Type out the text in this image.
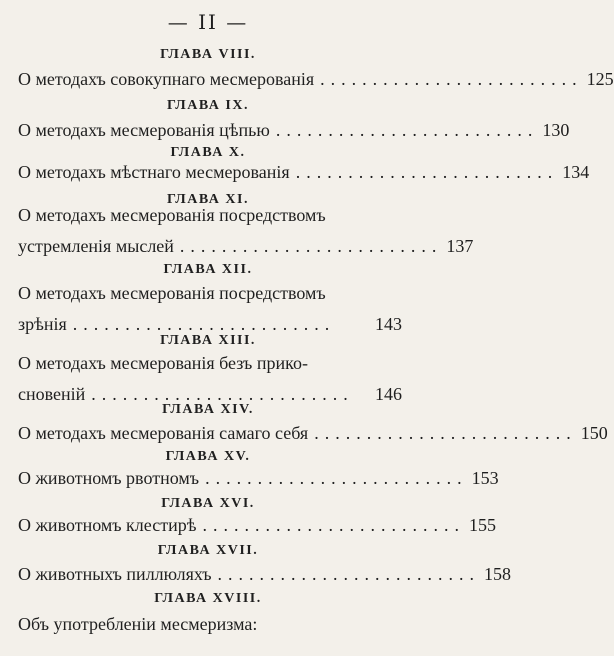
— II —
ГЛАВА VIII.
О методахъ совокупнаго месмерованія ......................... 125
ГЛАВА IX.
О методахъ месмерованія цѣпью ......................... 130
ГЛАВА X.
О методахъ мѣстнаго месмерованія ......................... 134
ГЛАВА XI.
О методахъ месмерованія посредствомъ
устремленія мыслей ......................... 137
ГЛАВА XII.
О методахъ месмерованія посредствомъ
зрѣнія .........................	143
ГЛАВА XIII.
О методахъ месмерованія безъ прико-
сновеній .........................	146
ГЛАВА XIV.
О методахъ месмерованія самаго себя ......................... 150
ГЛАВА XV.
О животномъ рвотномъ ......................... 153
ГЛАВА XVI.
О животномъ клестирѣ ......................... 155
ГЛАВА XVII.
О животныхъ пиллюляхъ ......................... 158
ГЛАВА XVIII.
Объ употребленіи месмеризма:
